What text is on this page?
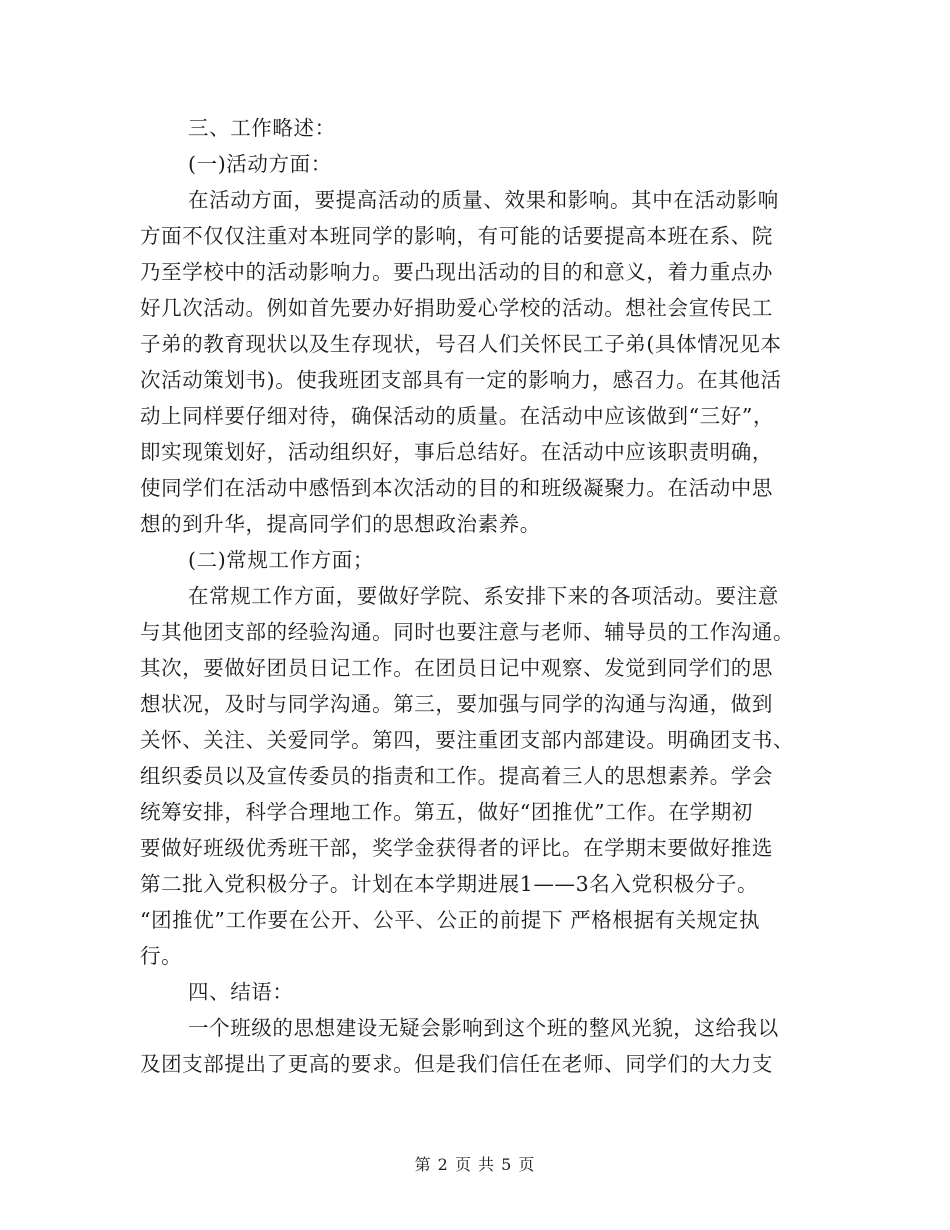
三、工作略述：
(一)活动方面：
在活动方面，要提高活动的质量、效果和影响。其中在活动影响
方面不仅仅注重对本班同学的影响，有可能的话要提高本班在系、院
乃至学校中的活动影响力。要凸现出活动的目的和意义，着力重点办
好几次活动。例如首先要办好捐助爱心学校的活动。想社会宣传民工
子弟的教育现状以及生存现状，号召人们关怀民工子弟(具体情况见本
次活动策划书)。使我班团支部具有一定的影响力，感召力。在其他活
动上同样要仔细对待，确保活动的质量。在活动中应该做到“三好”，
即实现策划好，活动组织好，事后总结好。在活动中应该职责明确，
使同学们在活动中感悟到本次活动的目的和班级凝聚力。在活动中思
想的到升华，提高同学们的思想政治素养。
(二)常规工作方面；
在常规工作方面，要做好学院、系安排下来的各项活动。要注意
与其他团支部的经验沟通。同时也要注意与老师、辅导员的工作沟通。
其次，要做好团员日记工作。在团员日记中观察、发觉到同学们的思
想状况，及时与同学沟通。第三，要加强与同学的沟通与沟通，做到
关怀、关注、关爱同学。第四，要注重团支部内部建设。明确团支书、
组织委员以及宣传委员的指责和工作。提高着三人的思想素养。学会
统筹安排，科学合理地工作。第五，做好“团推优”工作。在学期初
要做好班级优秀班干部，奖学金获得者的评比。在学期末要做好推选
第二批入党积极分子。计划在本学期进展1——3名入党积极分子。
“团推优”工作要在公开、公平、公正的前提下 严格根据有关规定执
行。
四、结语：
一个班级的思想建设无疑会影响到这个班的整风光貌，这给我以
及团支部提出了更高的要求。但是我们信任在老师、同学们的大力支
第 2 页 共 5 页
